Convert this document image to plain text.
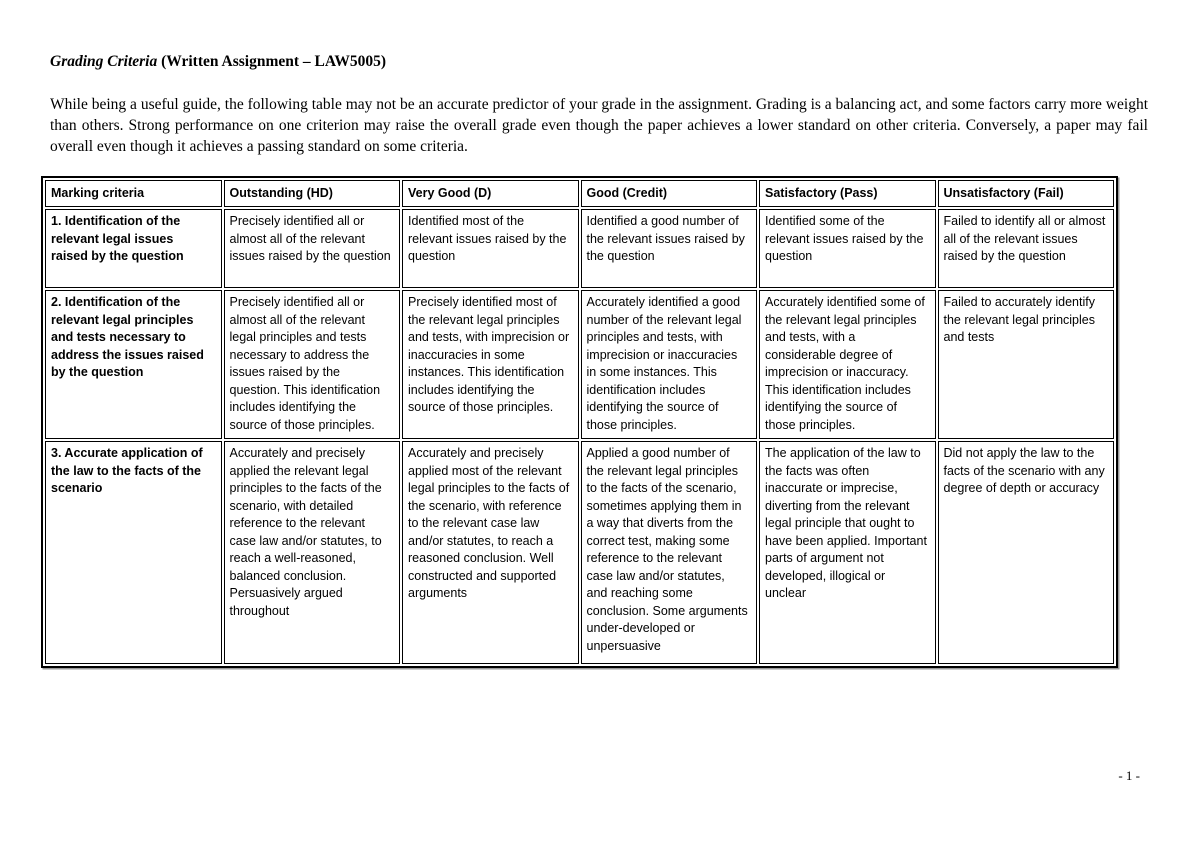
Grading Criteria (Written Assignment – LAW5005)

While being a useful guide, the following table may not be an accurate predictor of your grade in the assignment. Grading is a balancing act, and some factors carry more weight than others. Strong performance on one criterion may raise the overall grade even though the paper achieves a lower standard on other criteria. Conversely, a paper may fail overall even though it achieves a passing standard on some criteria.

Marking criteria	Outstanding (HD)	Very Good (D)	Good (Credit)	Satisfactory (Pass)	Unsatisfactory (Fail)
1. Identification of the relevant legal issues raised by the question	Precisely identified all or almost all of the relevant issues raised by the question	Identified most of the relevant issues raised by the question	Identified a good number of the relevant issues raised by the question	Identified some of the relevant issues raised by the question	Failed to identify all or almost all of the relevant issues raised by the question
2. Identification of the relevant legal principles and tests necessary to address the issues raised by the question	Precisely identified all or almost all of the relevant legal principles and tests necessary to address the issues raised by the question. This identification includes identifying the source of those principles.	Precisely identified most of the relevant legal principles and tests, with imprecision or inaccuracies in some instances. This identification includes identifying the source of those principles.	Accurately identified a good number of the relevant legal principles and tests, with imprecision or inaccuracies in some instances. This identification includes identifying the source of those principles.	Accurately identified some of the relevant legal principles and tests, with a considerable degree of imprecision or inaccuracy. This identification includes identifying the source of those principles.	Failed to accurately identify the relevant legal principles and tests
3. Accurate application of the law to the facts of the scenario	Accurately and precisely applied the relevant legal principles to the facts of the scenario, with detailed reference to the relevant case law and/or statutes, to reach a well-reasoned, balanced conclusion. Persuasively argued throughout	Accurately and precisely applied most of the relevant legal principles to the facts of the scenario, with reference to the relevant case law and/or statutes, to reach a reasoned conclusion. Well constructed and supported arguments	Applied a good number of the relevant legal principles to the facts of the scenario, sometimes applying them in a way that diverts from the correct test, making some reference to the relevant case law and/or statutes, and reaching some conclusion. Some arguments under-developed or unpersuasive	The application of the law to the facts was often inaccurate or imprecise, diverting from the relevant legal principle that ought to have been applied. Important parts of argument not developed, illogical or unclear	Did not apply the law to the facts of the scenario with any degree of depth or accuracy
- 1 -
